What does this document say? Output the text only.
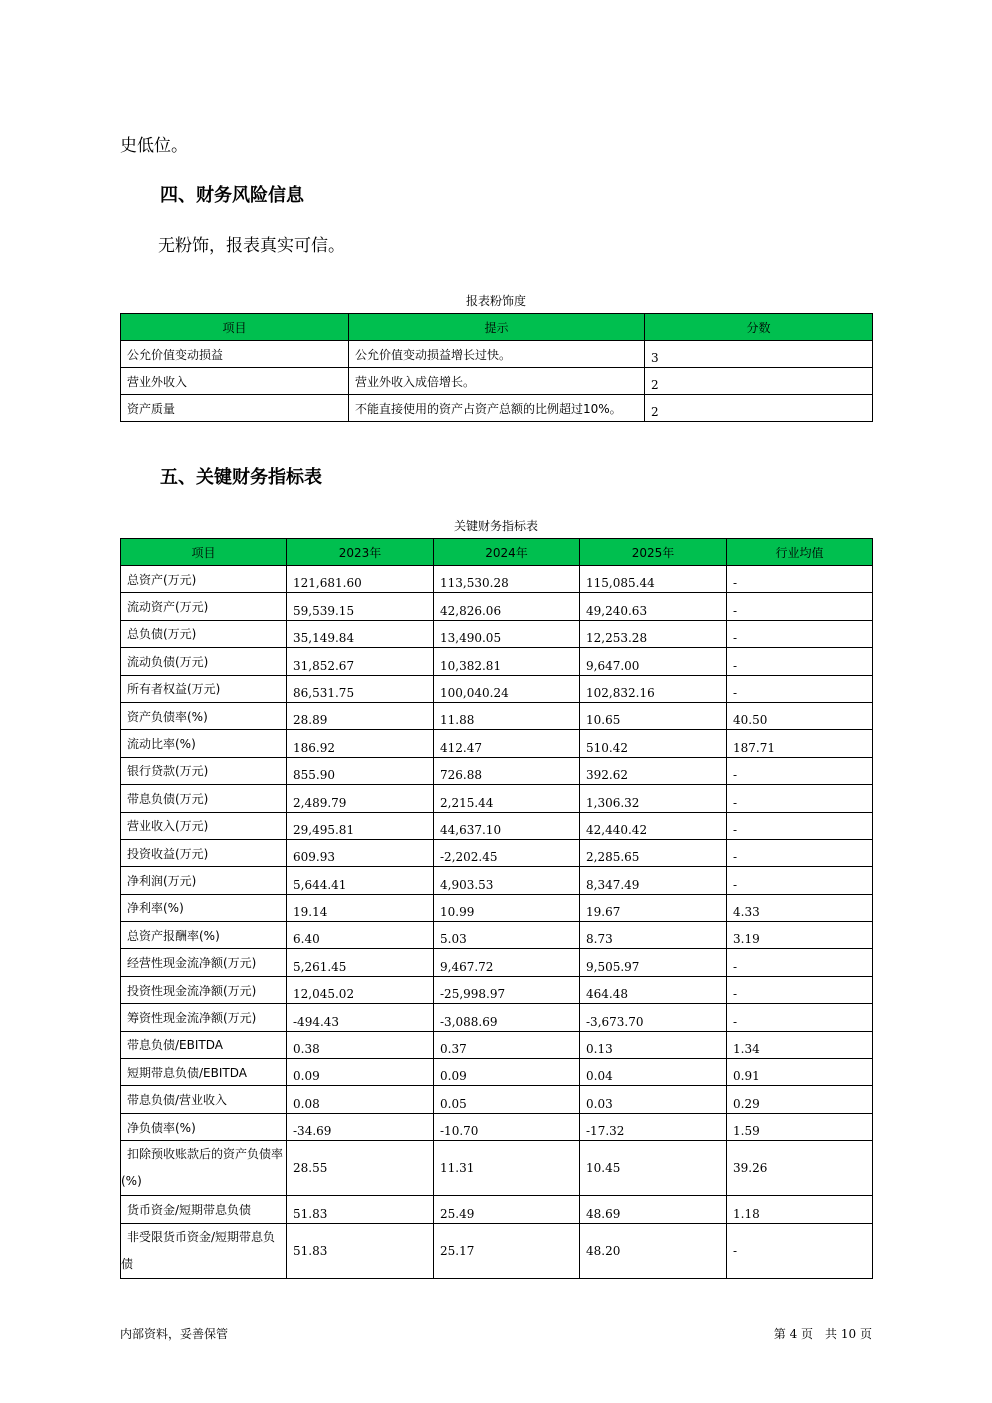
史低位。
四、财务风险信息
无粉饰，报表真实可信。
报表粉饰度
项目	提示	分数
公允价值变动损益	公允价值变动损益增长过快。	3
营业外收入	营业外收入成倍增长。	2
资产质量	不能直接使用的资产占资产总额的比例超过10%。	2
五、关键财务指标表
关键财务指标表
项目	2023年	2024年	2025年	行业均值
总资产(万元)	121,681.60	113,530.28	115,085.44	-
流动资产(万元)	59,539.15	42,826.06	49,240.63	-
总负债(万元)	35,149.84	13,490.05	12,253.28	-
流动负债(万元)	31,852.67	10,382.81	9,647.00	-
所有者权益(万元)	86,531.75	100,040.24	102,832.16	-
资产负债率(%)	28.89	11.88	10.65	40.50
流动比率(%)	186.92	412.47	510.42	187.71
银行贷款(万元)	855.90	726.88	392.62	-
带息负债(万元)	2,489.79	2,215.44	1,306.32	-
营业收入(万元)	29,495.81	44,637.10	42,440.42	-
投资收益(万元)	609.93	-2,202.45	2,285.65	-
净利润(万元)	5,644.41	4,903.53	8,347.49	-
净利率(%)	19.14	10.99	19.67	4.33
总资产报酬率(%)	6.40	5.03	8.73	3.19
经营性现金流净额(万元)	5,261.45	9,467.72	9,505.97	-
投资性现金流净额(万元)	12,045.02	-25,998.97	464.48	-
筹资性现金流净额(万元)	-494.43	-3,088.69	-3,673.70	-
带息负债/EBITDA	0.38	0.37	0.13	1.34
短期带息负债/EBITDA	0.09	0.09	0.04	0.91
带息负债/营业收入	0.08	0.05	0.03	0.29
净负债率(%)	-34.69	-10.70	-17.32	1.59
扣除预收账款后的资产负债率(%)	28.55	11.31	10.45	39.26
货币资金/短期带息负债	51.83	25.49	48.69	1.18
非受限货币资金/短期带息负债	51.83	25.17	48.20	-
内部资料，妥善保管	第 4 页　共 10 页
